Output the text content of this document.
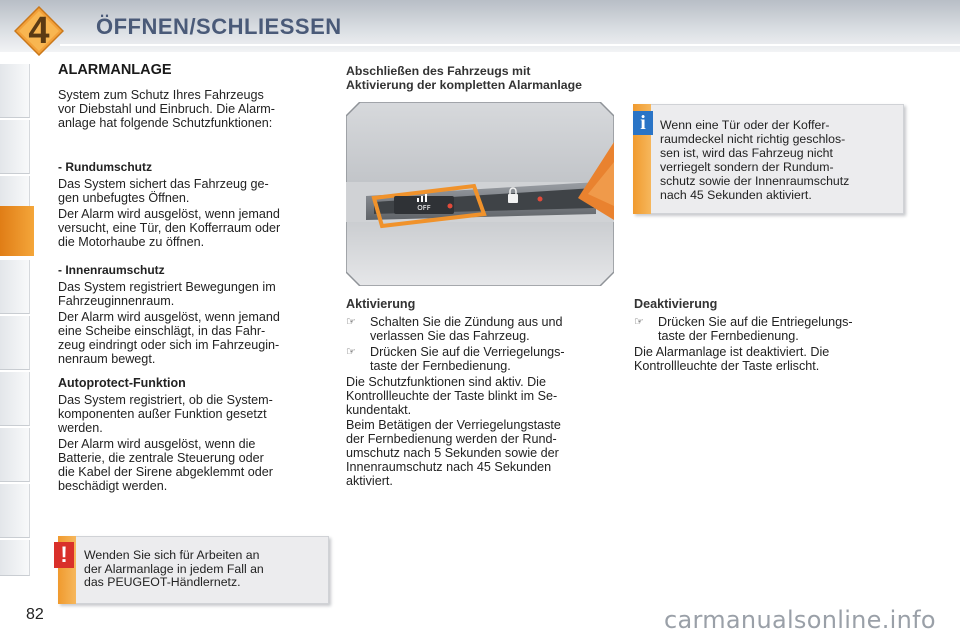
4	ÖFFNEN/SCHLIESSEN
ALARMANLAGE
System zum Schutz Ihres Fahrzeugs
vor Diebstahl und Einbruch. Die Alarm-
anlage hat folgende Schutzfunktionen:
- Rundumschutz
Das System sichert das Fahrzeug ge-
gen unbefugtes Öffnen.
Der Alarm wird ausgelöst, wenn jemand
versucht, eine Tür, den Kofferraum oder
die Motorhaube zu öffnen.
- Innenraumschutz
Das System registriert Bewegungen im
Fahrzeuginnenraum.
Der Alarm wird ausgelöst, wenn jemand
eine Scheibe einschlägt, in das Fahr-
zeug eindringt oder sich im Fahrzeugin-
nenraum bewegt.
Autoprotect-Funktion
Das System registriert, ob die System-
komponenten außer Funktion gesetzt
werden.
Der Alarm wird ausgelöst, wenn die
Batterie, die zentrale Steuerung oder
die Kabel der Sirene abgeklemmt oder
beschädigt werden.
Abschließen des Fahrzeugs mit
Aktivierung der kompletten Alarmanlage
OFF
Aktivierung
☞ Schalten Sie die Zündung aus und
verlassen Sie das Fahrzeug.
☞ Drücken Sie auf die Verriegelungs-
taste der Fernbedienung.
Die Schutzfunktionen sind aktiv. Die
Kontrollleuchte der Taste blinkt im Se-
kundentakt.
Beim Betätigen der Verriegelungstaste
der Fernbedienung werden der Rund-
umschutz nach 5 Sekunden sowie der
Innenraumschutz nach 45 Sekunden
aktiviert.
i	Wenn eine Tür oder der Koffer-
raumdeckel nicht richtig geschlos-
sen ist, wird das Fahrzeug nicht
verriegelt sondern der Rundum-
schutz sowie der Innenraumschutz
nach 45 Sekunden aktiviert.
Deaktivierung
☞ Drücken Sie auf die Entriegelungs-
taste der Fernbedienung.
Die Alarmanlage ist deaktiviert. Die
Kontrollleuchte der Taste erlischt.
!	Wenden Sie sich für Arbeiten an
der Alarmanlage in jedem Fall an
das PEUGEOT-Händlernetz.
82	carmanualsonline.info
